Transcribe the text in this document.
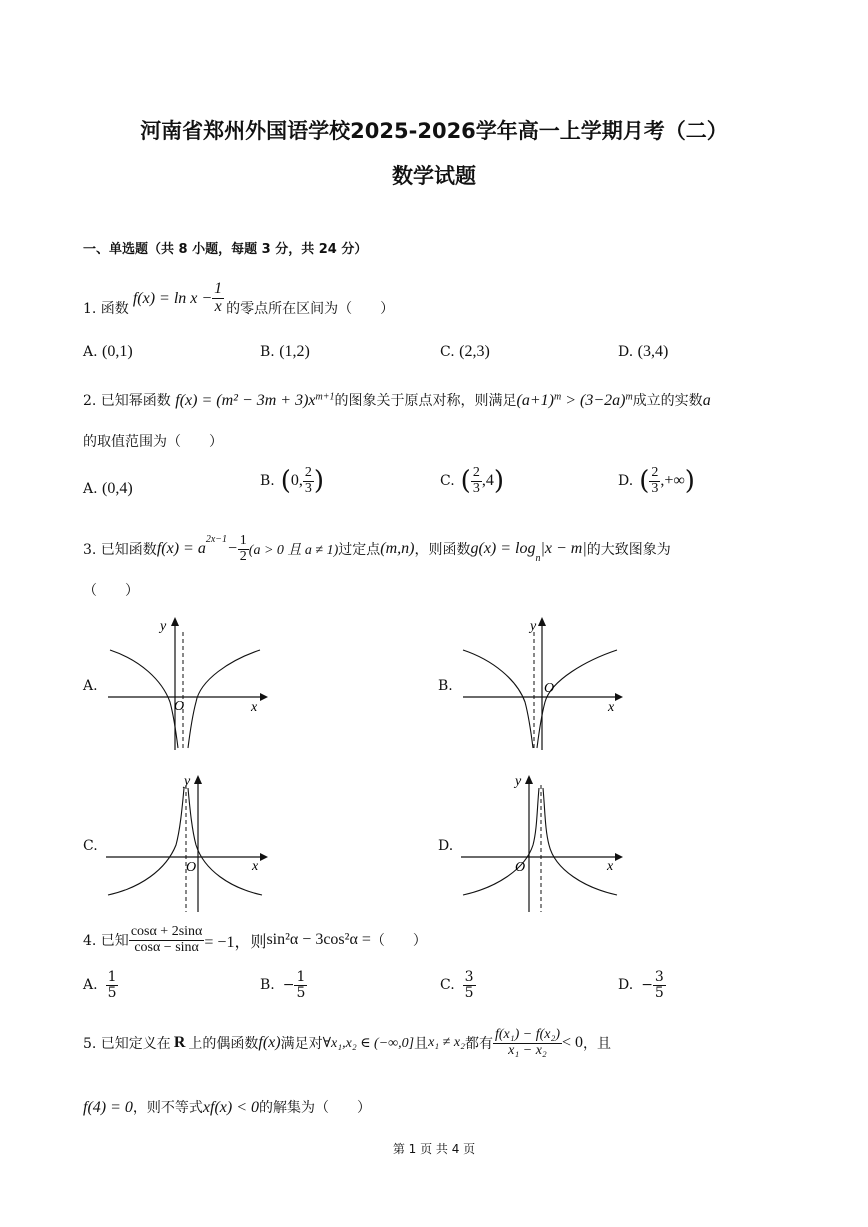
河南省郑州外国语学校2025-2026学年高一上学期月考（二）
数学试题
一、单选题（共 8 小题，每题 3 分，共 24 分）
1. 函数
$f(x) = \ln x - \frac{1}{x}$ 的零点所在区间为（　　）
A. (0,1)	B. (1,2)	C. (2,3)	D. (3,4)
2. 已知幂函数 $f(x) = (m^2 - 3m + 3)x^{m+1}$的图象关于原点对称，则满足$(a+1)^m > (3-2a)^m$成立的实数a
的取值范围为（　　）
A. (0,4)	B. ( 0, $\frac{2}{3}$ )	C. ( $\frac{2}{3} ,4$ )	D. ( $\frac{2}{3}$ ,+∞ )
3. 已知函数 f(x) = a
$^{2x-1}$
− $\frac{1}{2} (a > 0$ 且 a ≠ 1) 过定点 (m,n) ，则函数 g(x) = log
$_n$
|x − m| 的大致图象为
（　　）
A.
y
x
O
B.
y
x
O
C.
y
x
O
D.
y
x
O
4. 已知 $\frac{\cos\alpha + 2\sin\alpha}{\cos\alpha - \sin\alpha} = -1$，则 sin²α − 3cos²α = （　　）
A. $\frac{1}{5}$	B. − $\frac{1}{5}$	C. $\frac{3}{5}$	D. − $\frac{3}{5}$
5. 已知定义在 R 上的偶函数 f(x) 满足对 ∀x₁,x₂ ∈ (−∞,0] 且 x₁ ≠ x₂ 都有 $\frac{\text{f(x₁) − f(x₂)}}{\text{x₁ − x₂}} < 0$ ，且
f(4) = 0，则不等式xf(x) < 0的解集为（　　）
第 1 页 共 4 页
